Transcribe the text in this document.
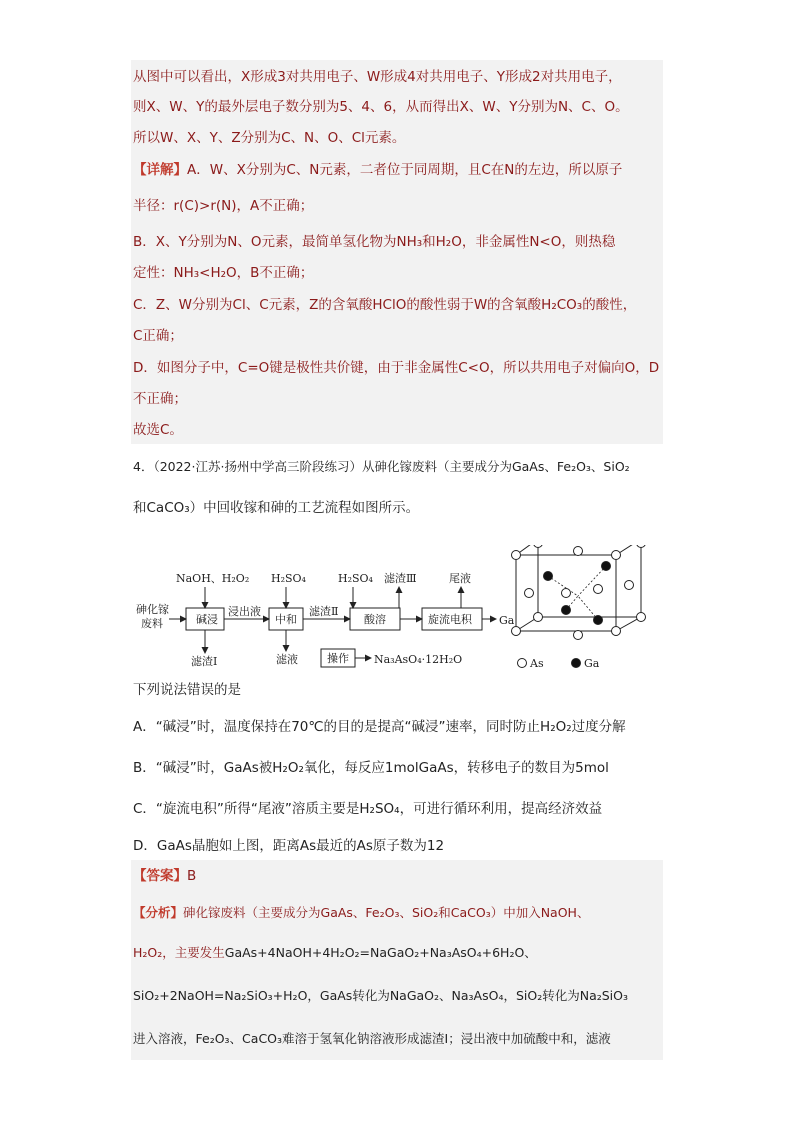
从图中可以看出，X形成3对共用电子、W形成4对共用电子、Y形成2对共用电子，
则X、W、Y的最外层电子数分别为5、4、6，从而得出X、W、Y分别为N、C、O。
所以W、X、Y、Z分别为C、N、O、Cl元素。
【详解】A．W、X分别为C、N元素，二者位于同周期，且C在N的左边，所以原子
半径：r(C)>r(N)，A不正确；
B．X、Y分别为N、O元素，最简单氢化物为NH₃和H₂O，非金属性N<O，则热稳
定性：NH₃<H₂O，B不正确；
C．Z、W分别为Cl、C元素，Z的含氧酸HClO的酸性弱于W的含氧酸H₂CO₃的酸性，
C正确；
D．如图分子中，C=O键是极性共价键，由于非金属性C<O，所以共用电子对偏向O，D
不正确；
故选C。
4．（2022·江苏·扬州中学高三阶段练习）从砷化镓废料（主要成分为GaAs、Fe₂O₃、SiO₂
和CaCO₃）中回收镓和砷的工艺流程如图所示。
砷化镓
废料
NaOH、H₂O₂
碱浸
滤渣Ⅰ
浸出液
H₂SO₄
中和
滤渣Ⅱ
滤液	操作 Na₃AsO₄·12H₂O
H₂SO₄ 滤渣Ⅲ
酸溶
尾液
旋流电积 Ga
As	Ga
下列说法错误的是
A．“碱浸”时，温度保持在70℃的目的是提高“碱浸”速率，同时防止H₂O₂过度分解
B．“碱浸”时，GaAs被H₂O₂氧化，每反应1molGaAs，转移电子的数目为5mol
C．“旋流电积”所得“尾液”溶质主要是H₂SO₄，可进行循环利用，提高经济效益
D．GaAs晶胞如上图，距离As最近的As原子数为12
【答案】B
【分析】砷化镓废料（主要成分为GaAs、Fe₂O₃、SiO₂和CaCO₃）中加入NaOH、
H₂O₂，主要发生GaAs+4NaOH+4H₂O₂=NaGaO₂+Na₃AsO₄+6H₂O、
SiO₂+2NaOH=Na₂SiO₃+H₂O，GaAs转化为NaGaO₂、Na₃AsO₄，SiO₂转化为Na₂SiO₃
进入溶液，Fe₂O₃、CaCO₃难溶于氢氧化钠溶液形成滤渣Ⅰ；浸出液中加硫酸中和，滤液
